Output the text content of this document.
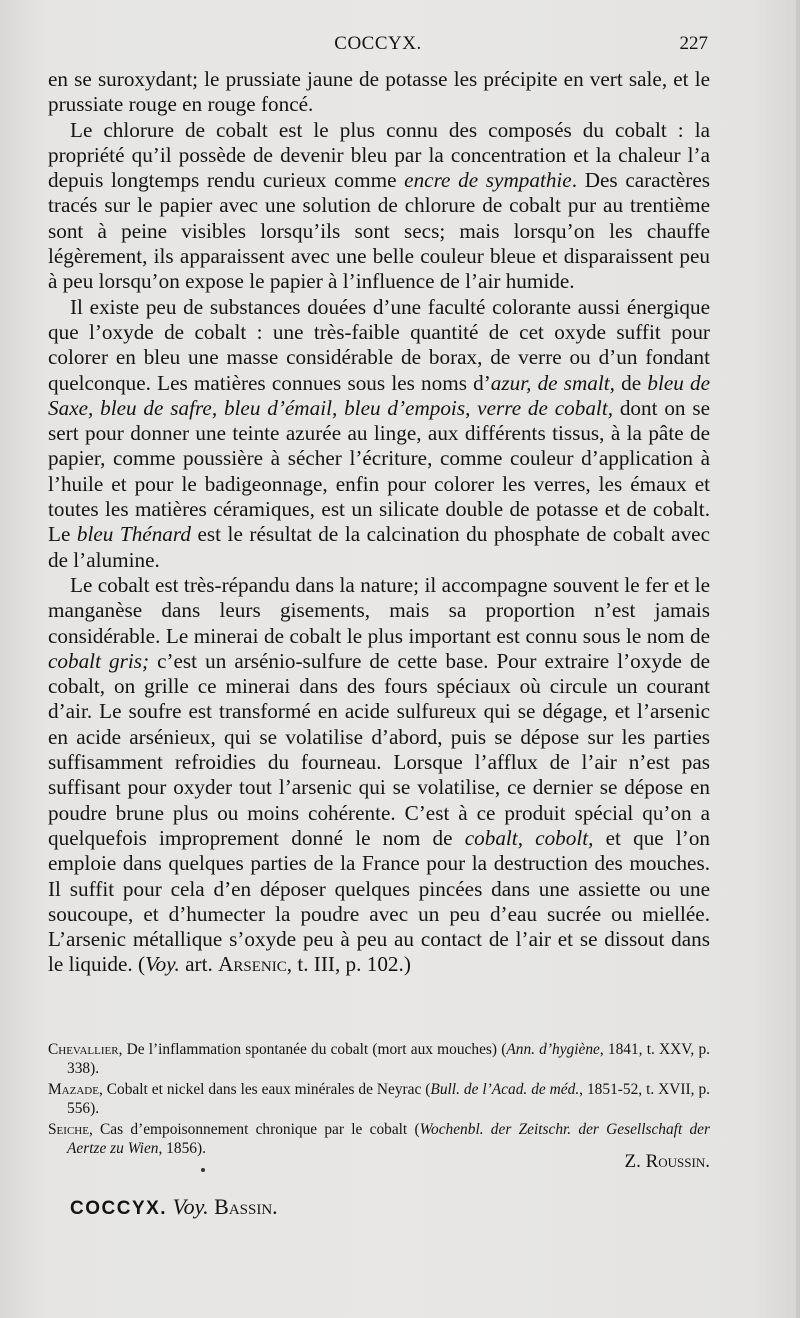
COCCYX.	227

en se suroxydant; le prussiate jaune de potasse les précipite en vert sale, et le prussiate rouge en rouge foncé.

Le chlorure de cobalt est le plus connu des composés du cobalt : la propriété qu’il possède de devenir bleu par la concentration et la chaleur l’a depuis longtemps rendu curieux comme encre de sympathie. Des caractères tracés sur le papier avec une solution de chlorure de cobalt pur au trentième sont à peine visibles lorsqu’ils sont secs; mais lorsqu’on les chauffe légèrement, ils apparaissent avec une belle couleur bleue et disparaissent peu à peu lorsqu’on expose le papier à l’influence de l’air humide.

Il existe peu de substances douées d’une faculté colorante aussi énergique que l’oxyde de cobalt : une très-faible quantité de cet oxyde suffit pour colorer en bleu une masse considérable de borax, de verre ou d’un fondant quelconque. Les matières connues sous les noms d’azur, de smalt, de bleu de Saxe, bleu de safre, bleu d’émail, bleu d’empois, verre de cobalt, dont on se sert pour donner une teinte azurée au linge, aux différents tissus, à la pâte de papier, comme poussière à sécher l’écriture, comme couleur d’application à l’huile et pour le badigeonnage, enfin pour colorer les verres, les émaux et toutes les matières céramiques, est un silicate double de potasse et de cobalt. Le bleu Thénard est le résultat de la calcination du phosphate de cobalt avec de l’alumine.

Le cobalt est très-répandu dans la nature; il accompagne souvent le fer et le manganèse dans leurs gisements, mais sa proportion n’est jamais considérable. Le minerai de cobalt le plus important est connu sous le nom de cobalt gris; c’est un arsénio-sulfure de cette base. Pour extraire l’oxyde de cobalt, on grille ce minerai dans des fours spéciaux où circule un courant d’air. Le soufre est transformé en acide sulfureux qui se dégage, et l’arsenic en acide arsénieux, qui se volatilise d’abord, puis se dépose sur les parties suffisamment refroidies du fourneau. Lorsque l’afflux de l’air n’est pas suffisant pour oxyder tout l’arsenic qui se volatilise, ce dernier se dépose en poudre brune plus ou moins cohérente. C’est à ce produit spécial qu’on a quelquefois improprement donné le nom de cobalt, cobolt, et que l’on emploie dans quelques parties de la France pour la destruction des mouches. Il suffit pour cela d’en déposer quelques pincées dans une assiette ou une soucoupe, et d’humecter la poudre avec un peu d’eau sucrée ou miellée. L’arsenic métallique s’oxyde peu à peu au contact de l’air et se dissout dans le liquide. (Voy. art. Arsenic, t. III, p. 102.)

Chevallier, De l’inflammation spontanée du cobalt (mort aux mouches) (Ann. d’hygiène, 1841, t. XXV, p. 338).

Mazade, Cobalt et nickel dans les eaux minérales de Neyrac (Bull. de l’Acad. de méd., 1851-52, t. XVII, p. 556).

Seiche, Cas d’empoisonnement chronique par le cobalt (Wochenbl. der Zeitschr. der Gesellschaft der Aertze zu Wien, 1856).

Z. Roussin.
COCCYX. Voy. Bassin.
